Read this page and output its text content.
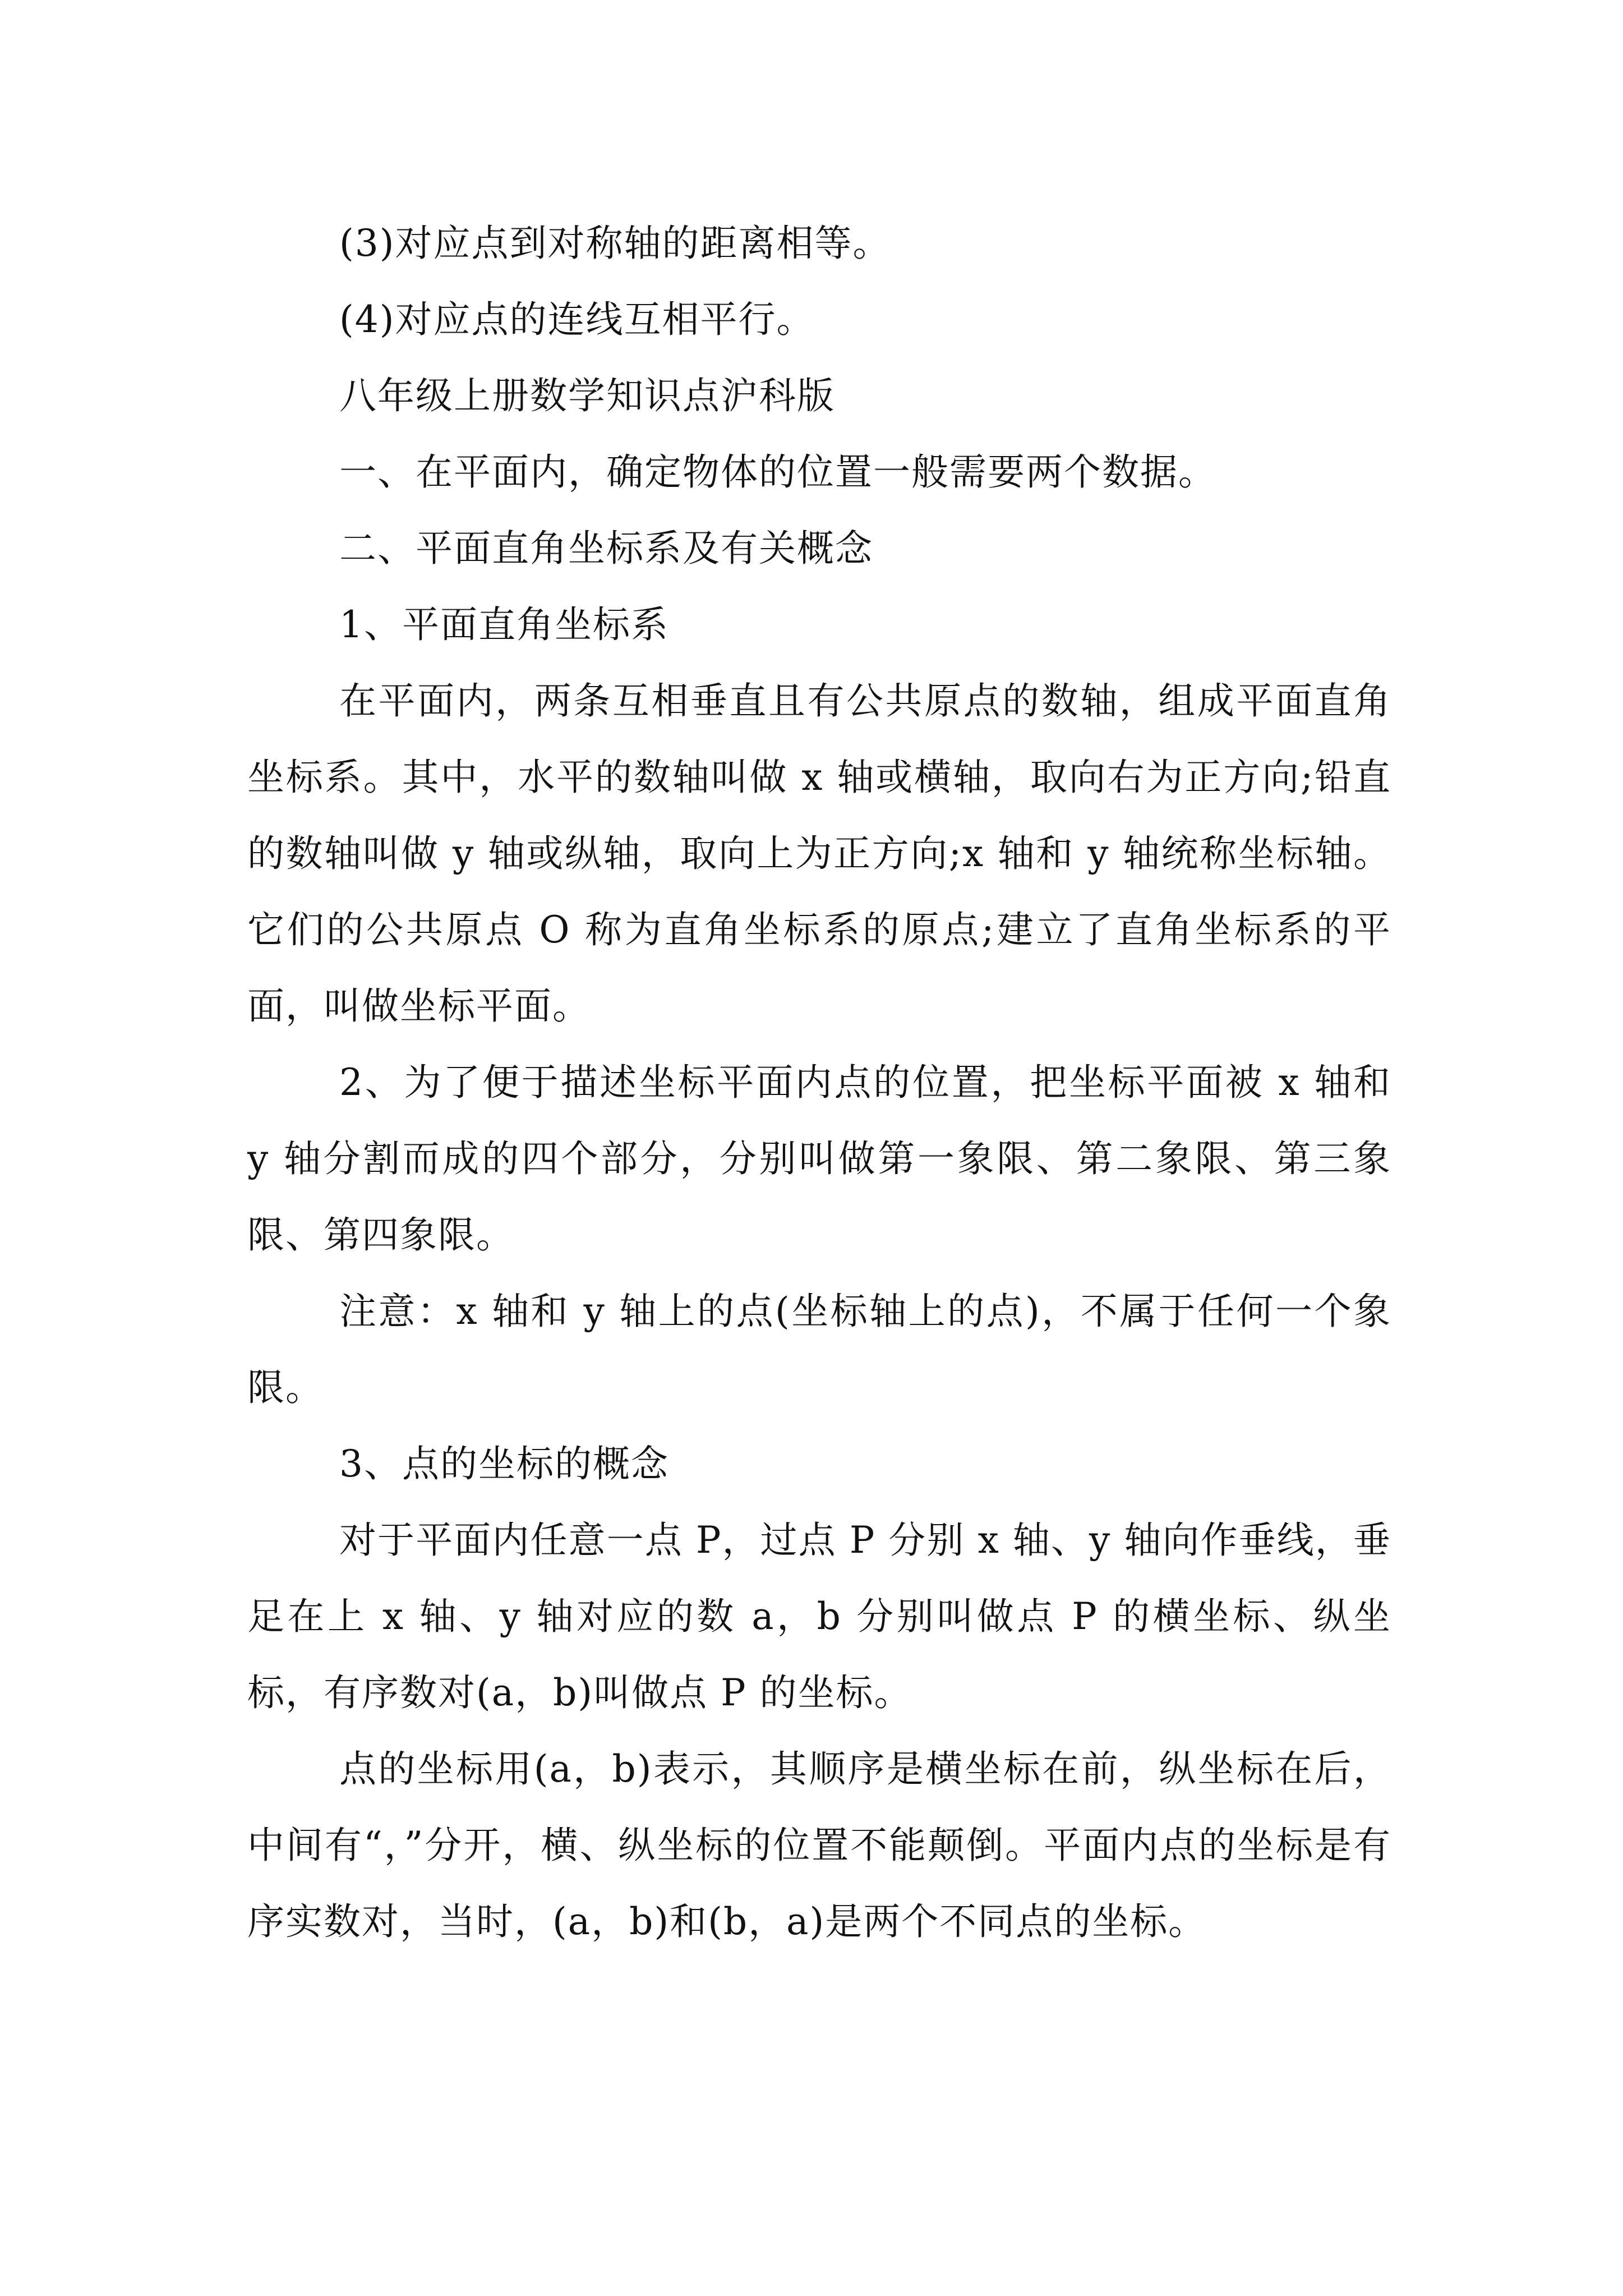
(3)对应点到对称轴的距离相等。

(4)对应点的连线互相平行。

八年级上册数学知识点沪科版

一、在平面内，确定物体的位置一般需要两个数据。

二、平面直角坐标系及有关概念

1、平面直角坐标系

在平面内，两条互相垂直且有公共原点的数轴，组成平面直角坐标系。其中，水平的数轴叫做 x 轴或横轴，取向右为正方向;铅直的数轴叫做 y 轴或纵轴，取向上为正方向;x 轴和 y 轴统称坐标轴。它们的公共原点 O 称为直角坐标系的原点;建立了直角坐标系的平面，叫做坐标平面。

2、为了便于描述坐标平面内点的位置，把坐标平面被 x 轴和 y 轴分割而成的四个部分，分别叫做第一象限、第二象限、第三象限、第四象限。

注意：x 轴和 y 轴上的点(坐标轴上的点)，不属于任何一个象限。

3、点的坐标的概念

对于平面内任意一点 P，过点 P 分别 x 轴、y 轴向作垂线，垂足在上 x 轴、y 轴对应的数 a，b 分别叫做点 P 的横坐标、纵坐标，有序数对(a，b)叫做点 P 的坐标。

点的坐标用(a，b)表示，其顺序是横坐标在前，纵坐标在后，中间有“，”分开，横、纵坐标的位置不能颠倒。平面内点的坐标是有序实数对，当时，(a，b)和(b，a)是两个不同点的坐标。
